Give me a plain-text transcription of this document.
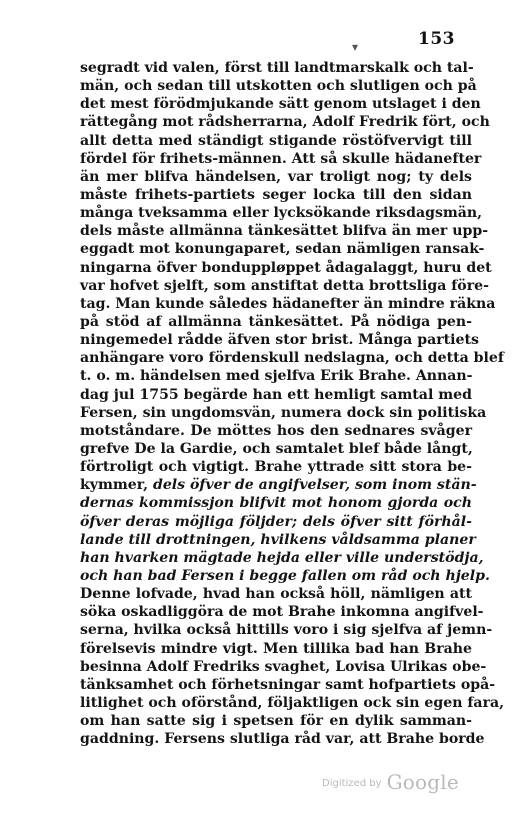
▾	153
segradt vid valen, först till landtmarskalk och tal-
män, och sedan till utskotten och slutligen och på
det mest förödmjukande sätt genom utslaget i den
rättegång mot rådsherrarna, Adolf Fredrik fört, och
allt detta med ständigt stigande röstöfvervigt till
fördel för frihets-männen. Att så skulle hädanefter
än mer blifva händelsen, var troligt nog; ty dels
måste frihets-partiets seger locka till den sidan
många tveksamma eller lycksökande riksdagsmän,
dels måste allmänna tänkesättet blifva än mer upp-
eggadt mot konungaparet, sedan nämligen ransak-
ningarna öfver bonduppløppet ådagalaggt, huru det
var hofvet sjelft, som anstiftat detta brottsliga före-
tag. Man kunde således hädanefter än mindre räkna
på stöd af allmänna tänkesättet. På nödiga pen-
ningemedel rådde äfven stor brist. Många partiets
anhängare voro fördenskull nedslagna, och detta blef
t. o. m. händelsen med sjelfva Erik Brahe. Annan-
dag jul 1755 begärde han ett hemligt samtal med
Fersen, sin ungdomsvän, numera dock sin politiska
motståndare. De möttes hos den sednares svåger
grefve De la Gardie, och samtalet blef både långt,
förtroligt och vigtigt. Brahe yttrade sitt stora be-
kymmer, dels öfver de angifvelser, som inom stän-
dernas kommissjon blifvit mot honom gjorda och
öfver deras möjliga följder; dels öfver sitt förhål-
lande till drottningen, hvilkens våldsamma planer
han hvarken mägtade hejda eller ville understödja,
och han bad Fersen i begge fallen om råd och hjelp.
Denne lofvade, hvad han också höll, nämligen att
söka oskadliggöra de mot Brahe inkomna angifvel-
serna, hvilka också hittills voro i sig sjelfva af jemn-
förelsevis mindre vigt. Men tillika bad han Brahe
besinna Adolf Fredriks svaghet, Lovisa Ulrikas obe-
tänksamhet och förhetsningar samt hofpartiets opå-
litlighet och oförstånd, följaktligen ock sin egen fara,
om han satte sig i spetsen för en dylik samman-
gaddning. Fersens slutliga råd var, att Brahe borde
Digitized by Google
